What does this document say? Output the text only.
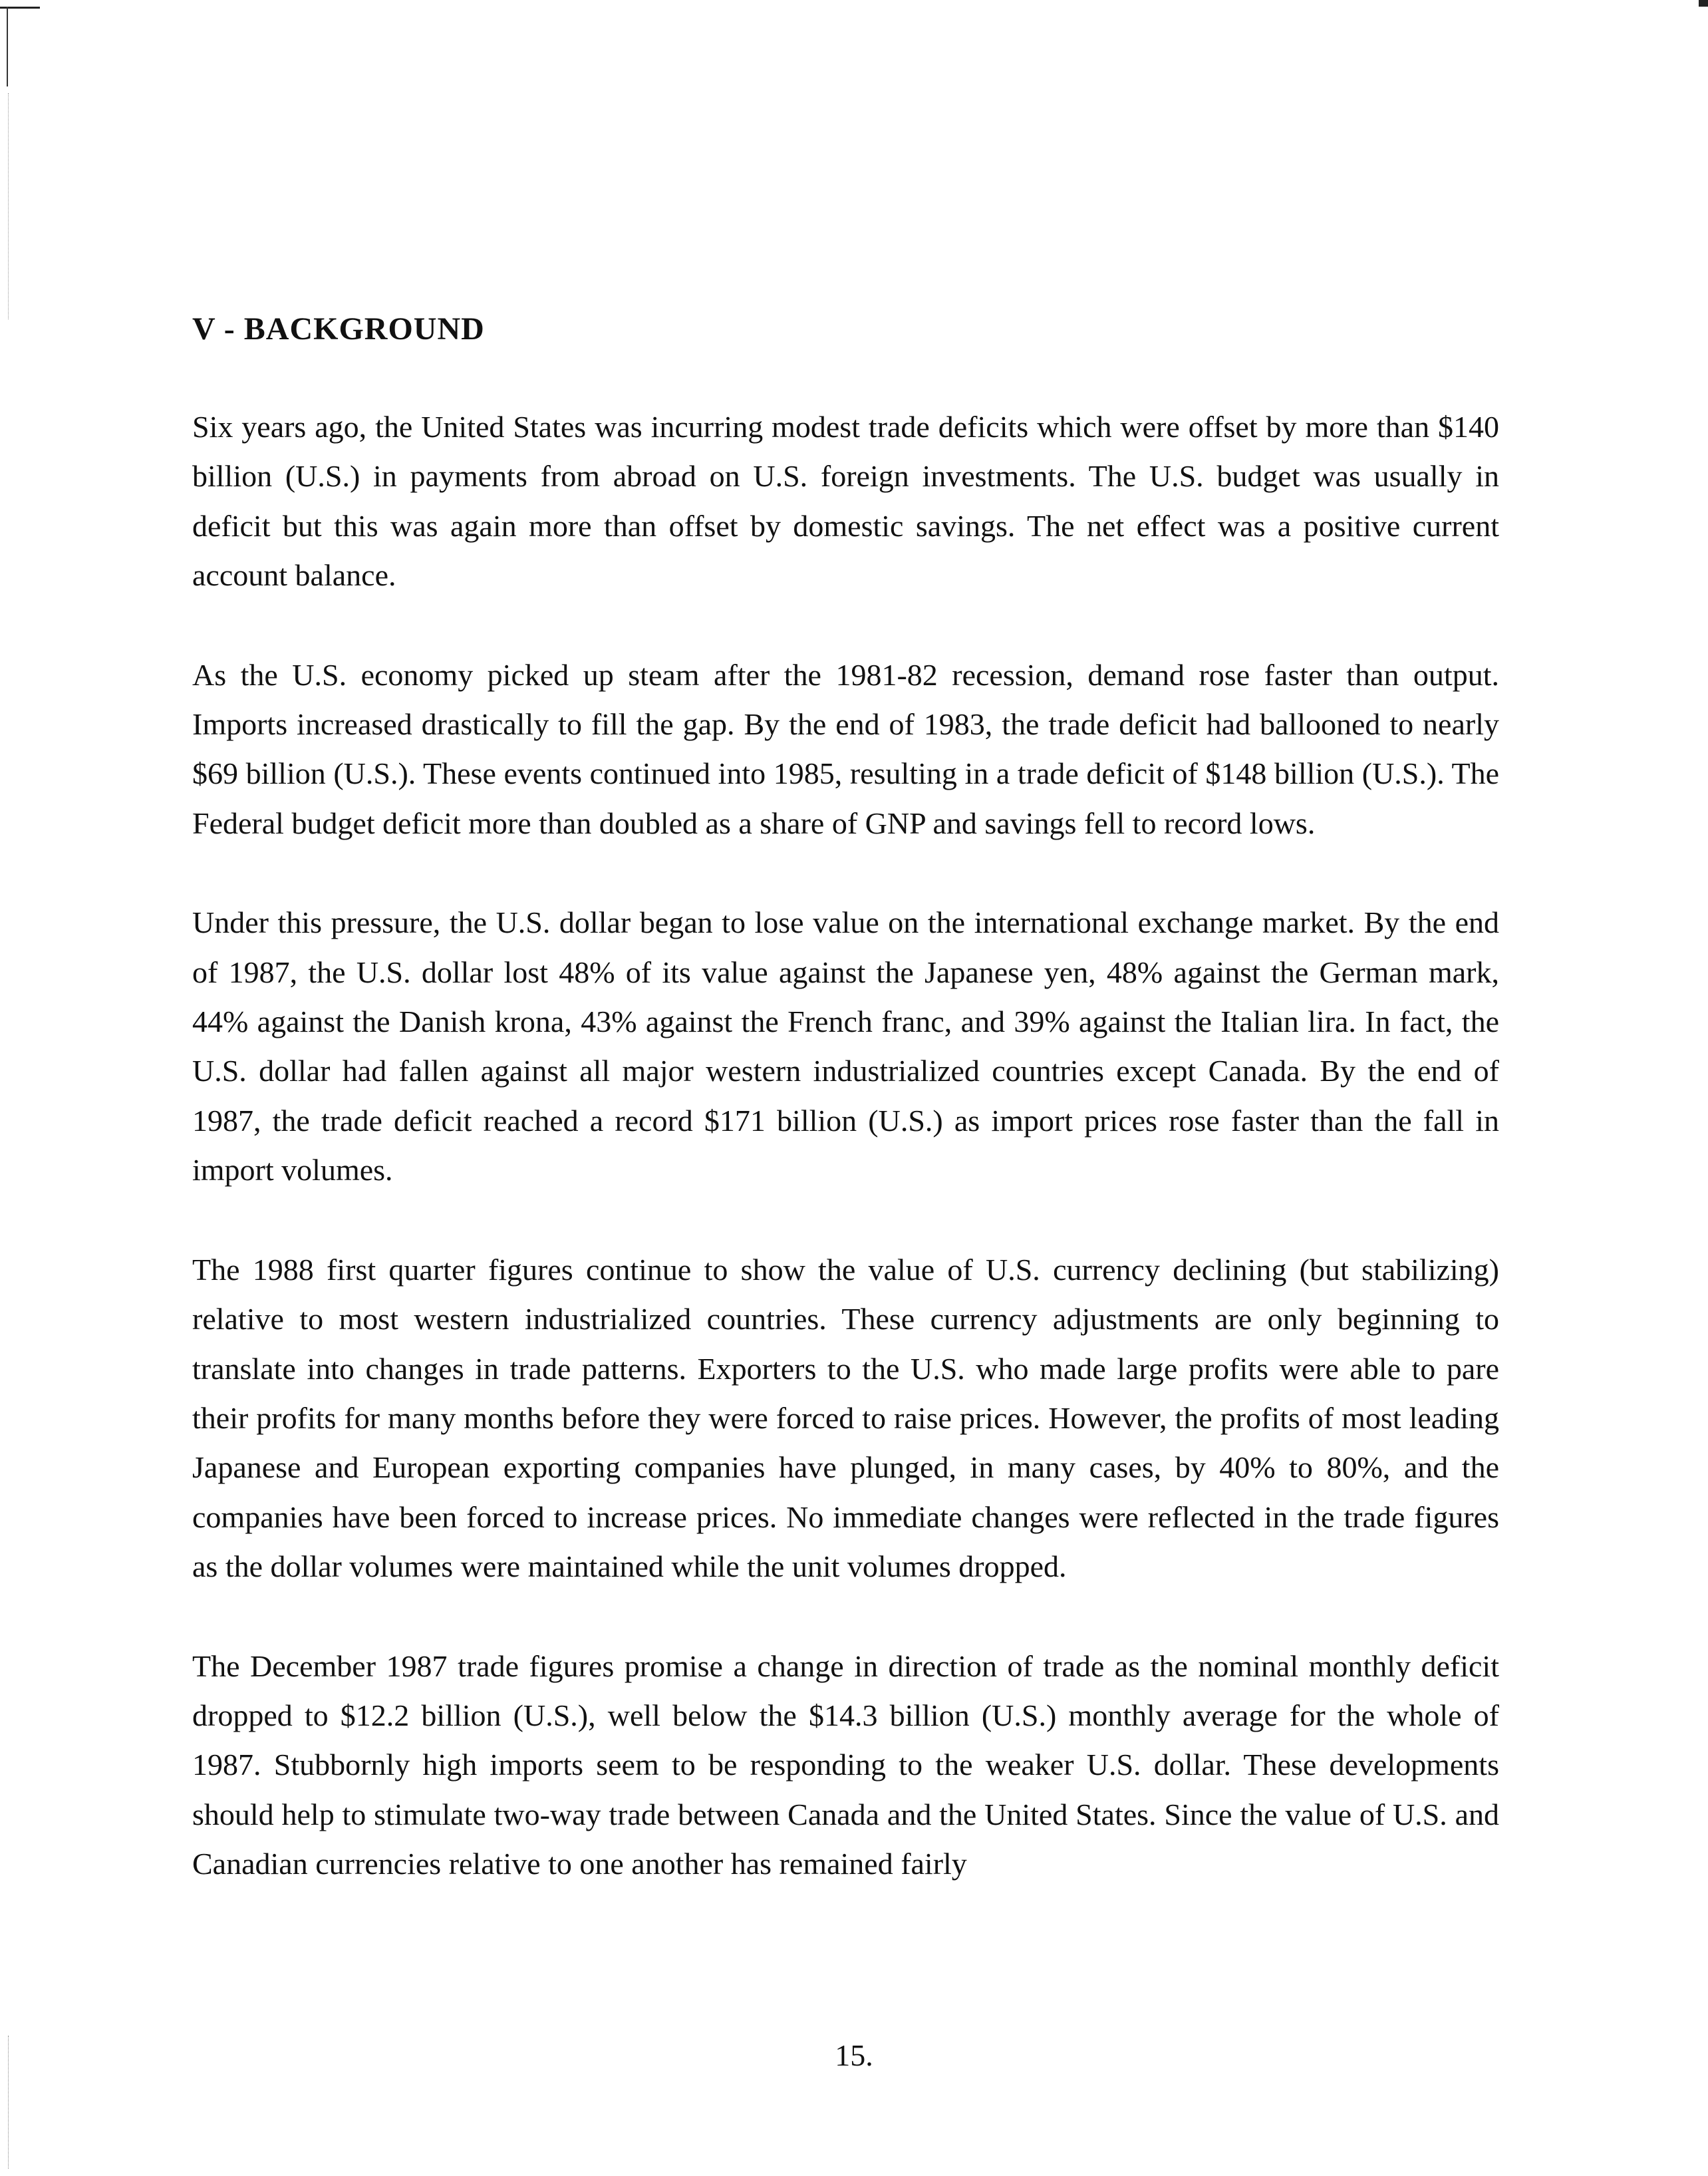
V - BACKGROUND

Six years ago, the United States was incurring modest trade deficits which were offset by more than $140 billion (U.S.) in payments from abroad on U.S. foreign investments. The U.S. budget was usually in deficit but this was again more than offset by domestic savings. The net effect was a positive current account balance.

As the U.S. economy picked up steam after the 1981-82 recession, demand rose faster than output. Imports increased drastically to fill the gap. By the end of 1983, the trade deficit had ballooned to nearly $69 billion (U.S.). These events continued into 1985, resulting in a trade deficit of $148 billion (U.S.). The Federal budget deficit more than doubled as a share of GNP and savings fell to record lows.

Under this pressure, the U.S. dollar began to lose value on the international exchange market. By the end of 1987, the U.S. dollar lost 48% of its value against the Japanese yen, 48% against the German mark, 44% against the Danish krona, 43% against the French franc, and 39% against the Italian lira. In fact, the U.S. dollar had fallen against all major western industrialized countries except Canada. By the end of 1987, the trade deficit reached a record $171 billion (U.S.) as import prices rose faster than the fall in import volumes.

The 1988 first quarter figures continue to show the value of U.S. currency declining (but stabilizing) relative to most western industrialized countries. These currency adjustments are only beginning to translate into changes in trade patterns. Exporters to the U.S. who made large profits were able to pare their profits for many months before they were forced to raise prices. However, the profits of most leading Japanese and European exporting companies have plunged, in many cases, by 40% to 80%, and the companies have been forced to increase prices. No immediate changes were reflected in the trade figures as the dollar volumes were maintained while the unit volumes dropped.

The December 1987 trade figures promise a change in direction of trade as the nominal monthly deficit dropped to $12.2 billion (U.S.), well below the $14.3 billion (U.S.) monthly average for the whole of 1987. Stubbornly high imports seem to be responding to the weaker U.S. dollar. These developments should help to stimulate two-way trade between Canada and the United States. Since the value of U.S. and Canadian currencies relative to one another has remained fairly

15.
